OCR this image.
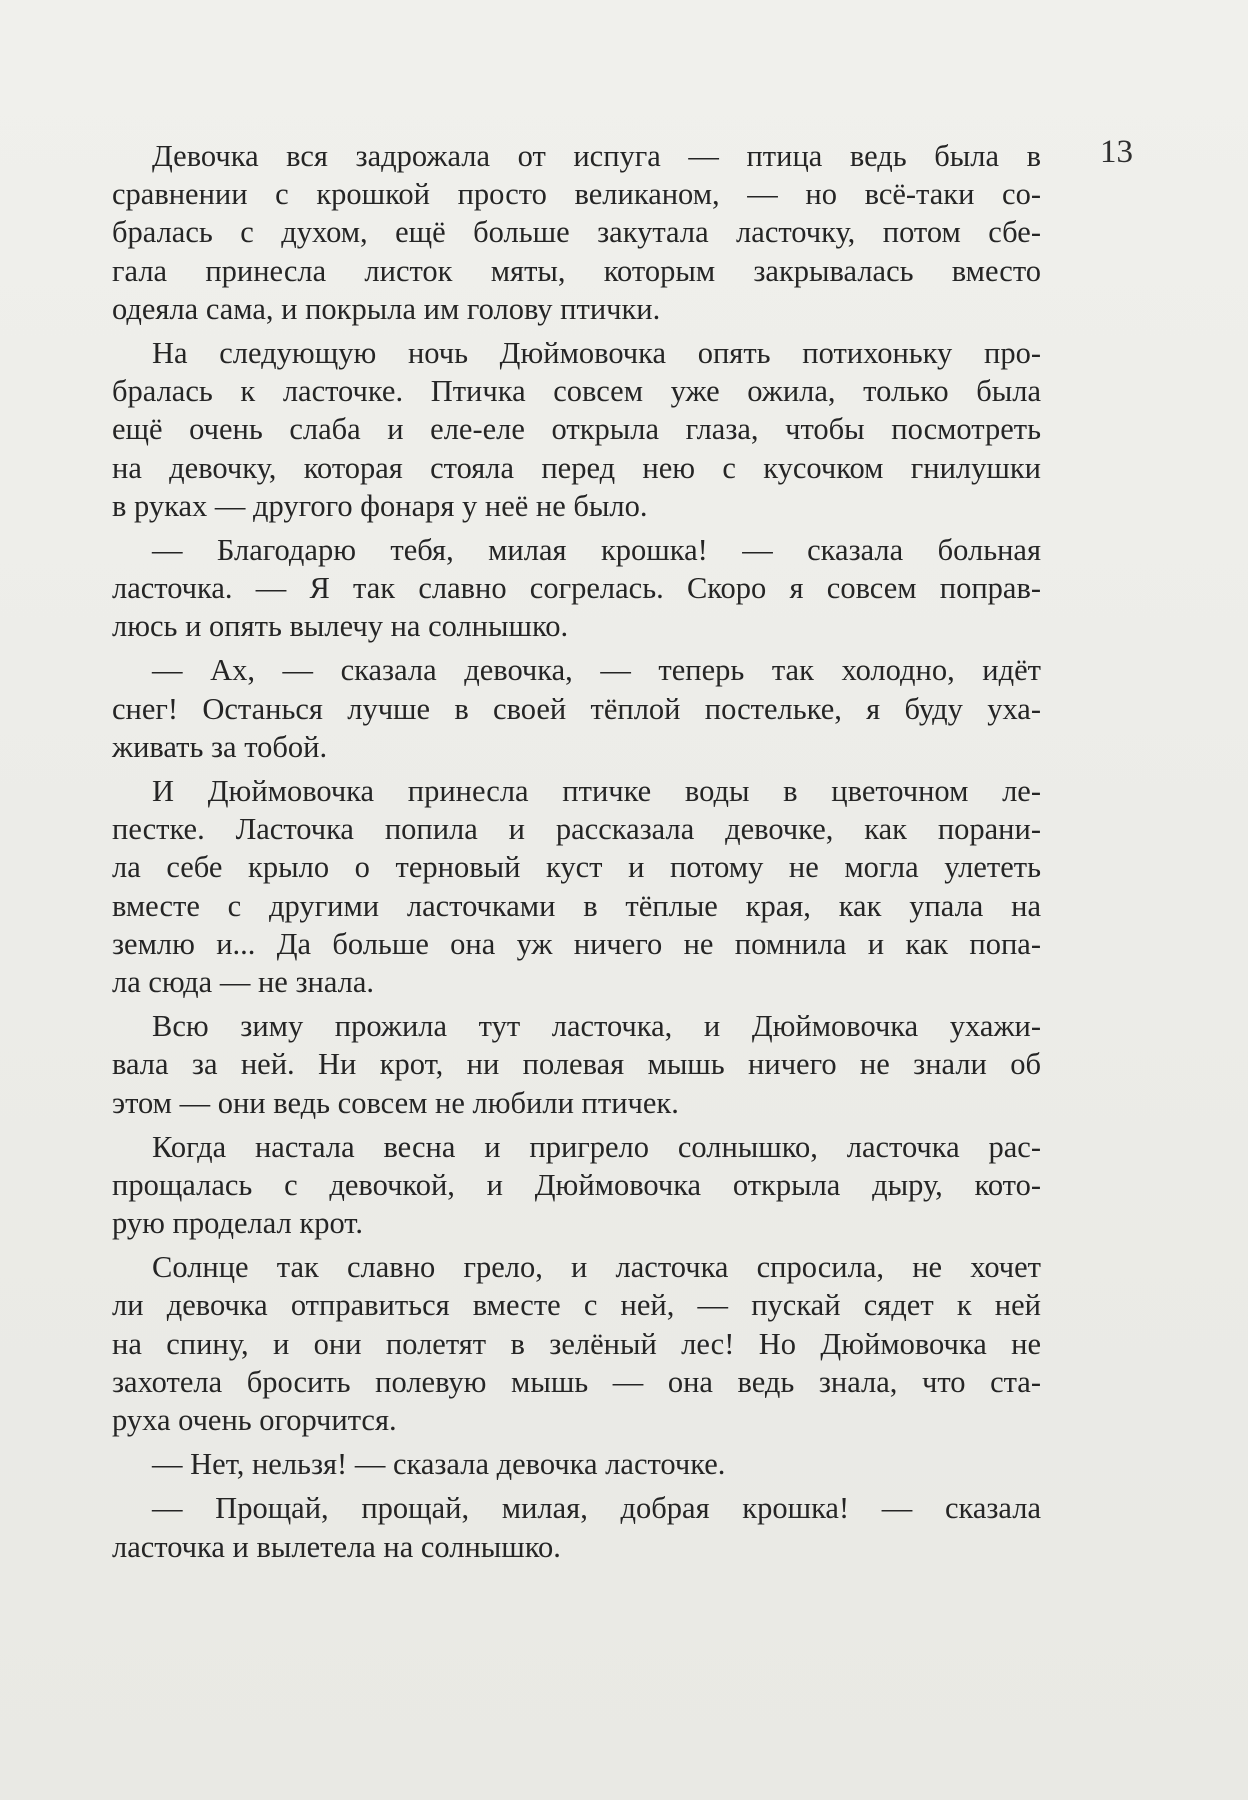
13
Девочка вся задрожала от испуга — птица ведь была в
сравнении с крошкой просто великаном, — но всё-таки со-
бралась с духом, ещё больше закутала ласточку, потом сбе-
гала принесла листок мяты, которым закрывалась вместо
одеяла сама, и покрыла им голову птички.
На следующую ночь Дюймовочка опять потихоньку про-
бралась к ласточке. Птичка совсем уже ожила, только была
ещё очень слаба и еле-еле открыла глаза, чтобы посмотреть
на девочку, которая стояла перед нею с кусочком гнилушки
в руках — другого фонаря у неё не было.
— Благодарю тебя, милая крошка! — сказала больная
ласточка. — Я так славно согрелась. Скоро я совсем поправ-
люсь и опять вылечу на солнышко.
— Ах, — сказала девочка, — теперь так холодно, идёт
снег! Останься лучше в своей тёплой постельке, я буду уха-
живать за тобой.
И Дюймовочка принесла птичке воды в цветочном ле-
пестке. Ласточка попила и рассказала девочке, как порани-
ла себе крыло о терновый куст и потому не могла улететь
вместе с другими ласточками в тёплые края, как упала на
землю и... Да больше она уж ничего не помнила и как попа-
ла сюда — не знала.
Всю зиму прожила тут ласточка, и Дюймовочка ухажи-
вала за ней. Ни крот, ни полевая мышь ничего не знали об
этом — они ведь совсем не любили птичек.
Когда настала весна и пригрело солнышко, ласточка рас-
прощалась с девочкой, и Дюймовочка открыла дыру, кото-
рую проделал крот.
Солнце так славно грело, и ласточка спросила, не хочет
ли девочка отправиться вместе с ней, — пускай сядет к ней
на спину, и они полетят в зелёный лес! Но Дюймовочка не
захотела бросить полевую мышь — она ведь знала, что ста-
руха очень огорчится.
— Нет, нельзя! — сказала девочка ласточке.
— Прощай, прощай, милая, добрая крошка! — сказала
ласточка и вылетела на солнышко.
